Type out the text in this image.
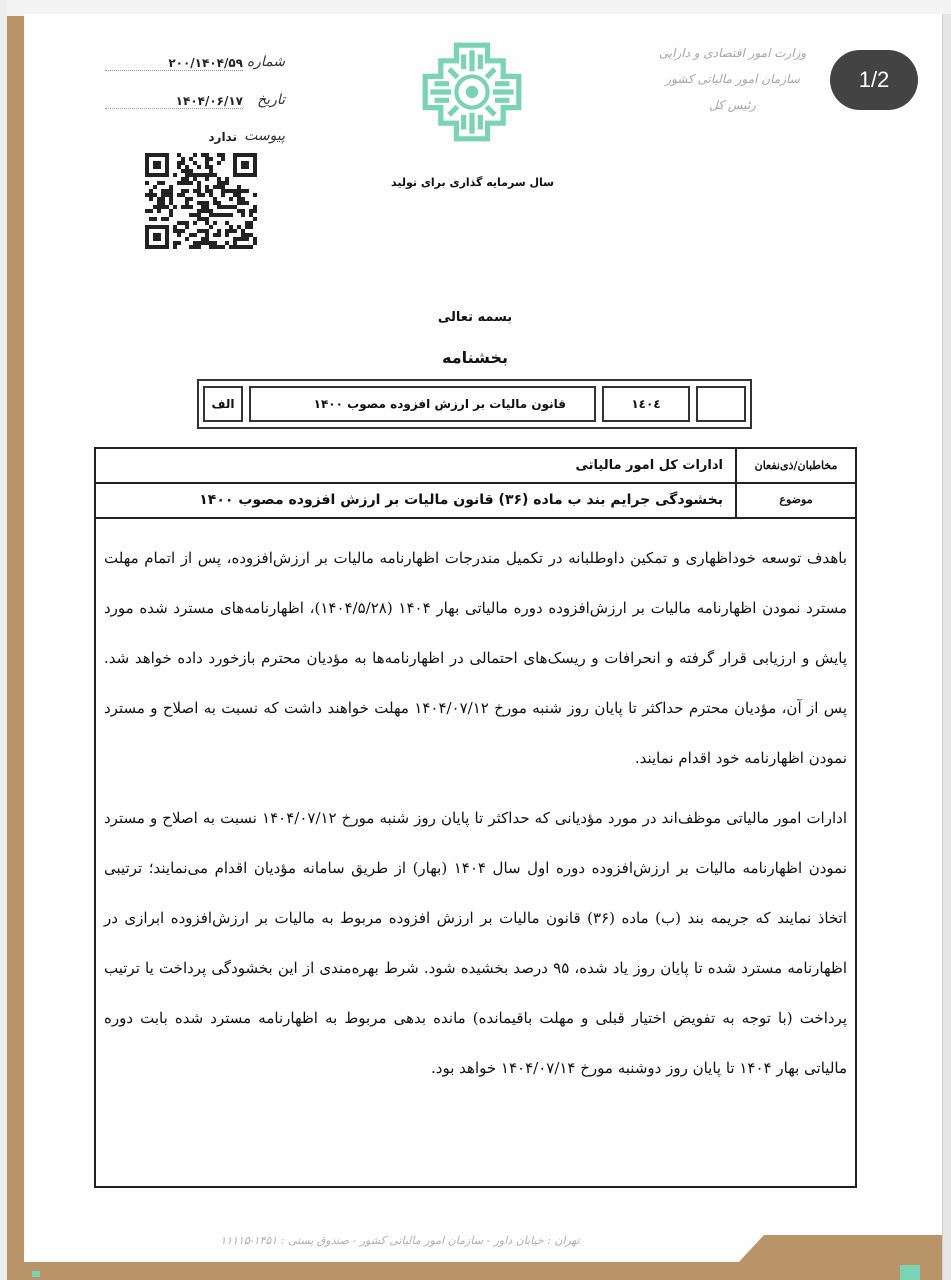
شماره
۲۰۰/۱۴۰۴/۵۹
تاریخ
۱۴۰۴/۰۶/۱۷
پیوست
ندارد
سال سرمایه گذاری برای تولید
وزارت امور اقتصادی و دارایی
سازمان امور مالیاتی کشور
رئیس کل
1/2
بسمه تعالی
بخشنامه
الف	قانون مالیات بر ارزش افزوده مصوب ۱۴۰۰	١٤٠٤
مخاطبان/ذی‌نفعان
ادارات کل امور مالیاتی
موضوع
بخشودگی جرایم بند ب ماده (۳۶) قانون مالیات بر ارزش افزوده مصوب ۱۴۰۰

باهدف توسعه خوداظهاری و تمکین داوطلبانه در تکمیل مندرجات اظهارنامه مالیات بر ارزش‌افزوده، پس از اتمام مهلت مسترد نمودن اظهارنامه مالیات بر ارزش‌افزوده دوره مالیاتی بهار ۱۴۰۴ (۱۴۰۴/۵/۲۸)، اظهارنامه‌های مسترد شده مورد پایش و ارزیابی قرار گرفته و انحرافات و ریسک‌های احتمالی در اظهارنامه‌ها به مؤدیان محترم بازخورد داده خواهد شد. پس از آن، مؤدیان محترم حداکثر تا پایان روز شنبه مورخ ۱۴۰۴/۰۷/۱۲ مهلت خواهند داشت که نسبت به اصلاح و مسترد نمودن اظهارنامه خود اقدام نمایند.

ادارات امور مالیاتی موظف‌اند در مورد مؤدیانی که حداکثر تا پایان روز شنبه مورخ ۱۴۰۴/۰۷/۱۲ نسبت به اصلاح و مسترد نمودن اظهارنامه مالیات بر ارزش‌افزوده دوره اول سال ۱۴۰۴ (بهار) از طریق سامانه مؤدیان اقدام می‌نمایند؛ ترتیبی اتخاذ نمایند که جریمه بند (ب) ماده (۳۶) قانون مالیات بر ارزش افزوده مربوط به مالیات بر ارزش‌افزوده ابرازی در اظهارنامه مسترد شده تا پایان روز یاد شده، ۹۵ درصد بخشیده شود. شرط بهره‌مندی از این بخشودگی پرداخت یا ترتیب پرداخت (با توجه به تفویض اختیار قبلی و مهلت باقیمانده) مانده بدهی مربوط به اظهارنامه مسترد شده بابت دوره مالیاتی بهار ۱۴۰۴ تا پایان روز دوشنبه مورخ ۱۴۰۴/۰۷/۱۴ خواهد بود.

تهران : خیابان داور - سازمان امور مالیاتی کشور - صندوق پستی : ۱۴۵۱-۱۱۱۱۵
